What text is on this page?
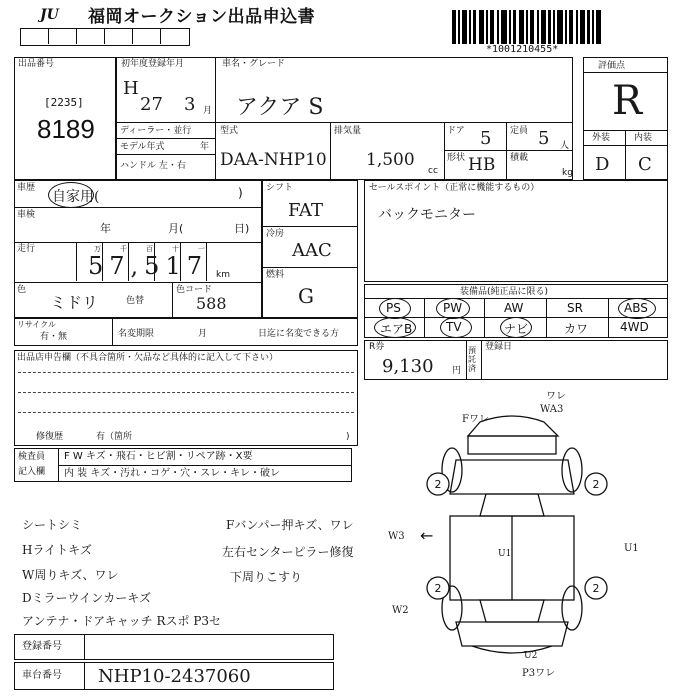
JU	福岡オークション出品申込書
*1001210455*
出品番号
[2235]
8189
初年度登録年月
H
27 3 月
車名・グレード
アクア S
ディーラー・並行
モデル年式	年
ハンドル 左・右
型式
DAA-NHP10
排気量
1,500
cc
ドア 5 定員 5 人
形状 HB 積載
kg
評価点
R
外装	内装
D C
車歴
自家用(	)
車検
年	月(	日)
走行	万	千	百	十	一
57,517 km
色
ミドリ	色替
色コード
588
シフト
FAT
冷房
AAC
燃料
G
セールスポイント（正常に機能するもの）
バックモニター
装備品(純正品に限る)
PS	PW	AW	SR	ABS
エアB	TV	ナビ	カワ	4WD
リサイクル
有・無	名変期限	月	日迄に名変できる方
R券
9,130 円
預託済
登録日
出品店申告欄（不具合箇所・欠品など具体的に記入して下さい）
修復歴	有（箇所	)
検査員
記入欄
F W キズ・飛石・ヒビ割・リペア跡・X要
内 装 キズ・汚れ・コゲ・穴・スレ・キレ・破レ
シートシミ
Hライトキズ
W周りキズ、ワレ
Dミラーウインカーキズ
アンテナ・ドアキャッチ Rスポ P3セ
Fバンパー押キズ、ワレ
左右センターピラー修復
下周りこすり
2	2
2	2
ワレ
Fワレ
WA3
W3 ←
U1	U1
W2
U2
P3ワレ
登録番号
車台番号 NHP10-2437060
